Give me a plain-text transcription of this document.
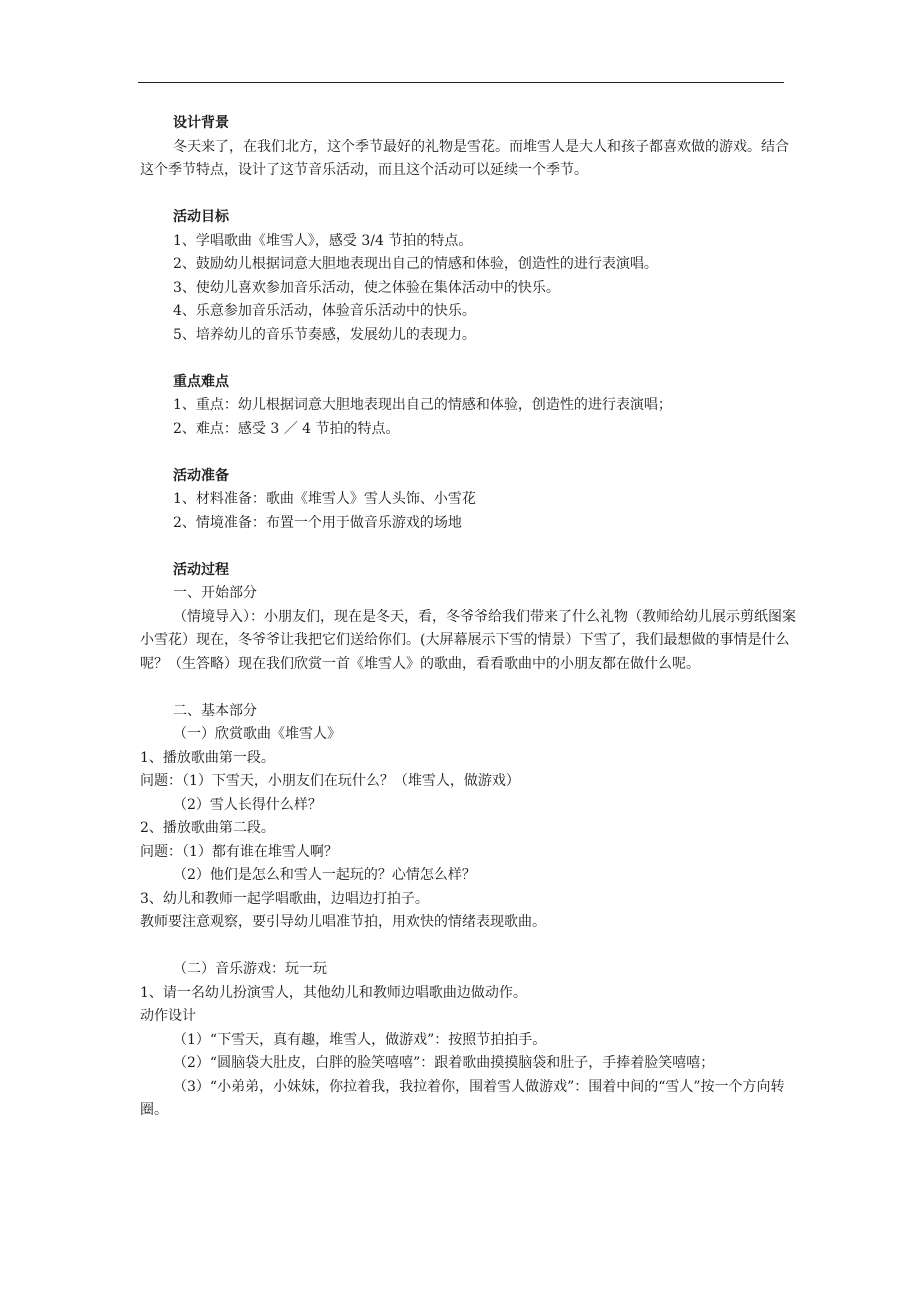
设计背景

冬天来了，在我们北方，这个季节最好的礼物是雪花。而堆雪人是大人和孩子都喜欢做的游戏。结合这个季节特点，设计了这节音乐活动，而且这个活动可以延续一个季节。

活动目标

1、学唱歌曲《堆雪人》，感受 3/4 节拍的特点。

2、鼓励幼儿根据词意大胆地表现出自己的情感和体验，创造性的进行表演唱。

3、使幼儿喜欢参加音乐活动，使之体验在集体活动中的快乐。

4、乐意参加音乐活动，体验音乐活动中的快乐。

5、培养幼儿的音乐节奏感，发展幼儿的表现力。

重点难点

1、重点：幼儿根据词意大胆地表现出自己的情感和体验，创造性的进行表演唱；

2、难点：感受 3 ／ 4 节拍的特点。

活动准备

1、材料准备：歌曲《堆雪人》雪人头饰、小雪花

2、情境准备：布置一个用于做音乐游戏的场地

活动过程

一、开始部分

（情境导入）：小朋友们，现在是冬天，看，冬爷爷给我们带来了什么礼物（教师给幼儿展示剪纸图案小雪花）现在，冬爷爷让我把它们送给你们。(大屏幕展示下雪的情景）下雪了，我们最想做的事情是什么呢？（生答略）现在我们欣赏一首《堆雪人》的歌曲，看看歌曲中的小朋友都在做什么呢。

二、基本部分

（一）欣赏歌曲《堆雪人》

1、播放歌曲第一段。

问题：（1）下雪天，小朋友们在玩什么？（堆雪人，做游戏）

（2）雪人长得什么样？

2、播放歌曲第二段。

问题：（1）都有谁在堆雪人啊？

（2）他们是怎么和雪人一起玩的？心情怎么样？

3、幼儿和教师一起学唱歌曲，边唱边打拍子。

教师要注意观察，要引导幼儿唱准节拍，用欢快的情绪表现歌曲。

（二）音乐游戏：玩一玩

1、请一名幼儿扮演雪人，其他幼儿和教师边唱歌曲边做动作。

动作设计

（1）“下雪天，真有趣，堆雪人，做游戏”：按照节拍拍手。

（2）“圆脑袋大肚皮，白胖的脸笑嘻嘻”：跟着歌曲摸摸脑袋和肚子，手捧着脸笑嘻嘻；

（3）“小弟弟，小妹妹，你拉着我，我拉着你，围着雪人做游戏”：围着中间的“雪人”按一个方向转圈。
